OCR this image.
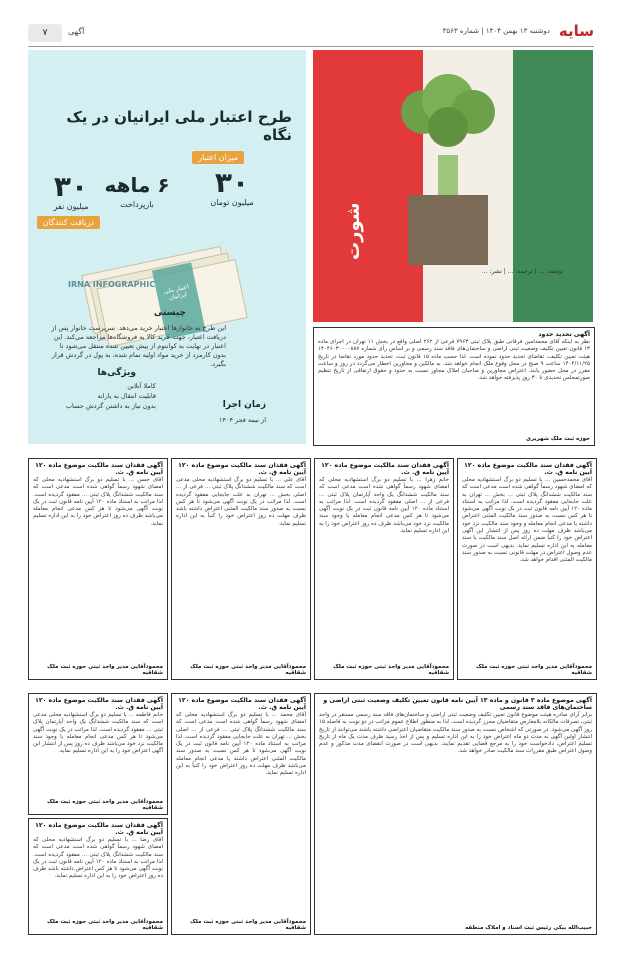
سایه
دوشنبه ۱۳ بهمن ۱۴۰۴ | شماره ۳۵۶۳
آگهی
۷
طرح اعتبار ملی ایرانیان در یک نگاه
میزان اعتبار
۳۰
میلیون تومان
۶ ماهه
بازپرداخت
۳۰
میلیون نفر
دریافت کنندگان
اعتبار ملی ایرانیان
IRNA INFOGRAPHIC
چیستی
این طرح به خانوارها اعتبار خرید می‌دهد. سرپرست خانوار پس از دریافت اعتبار، جهت خرید کالا به فروشگاه‌ها مراجعه می‌کند. این اعتبار در نهایت به کوانتوم از پیش تعیین شده منتقل می‌شود تا بدون کارمزد از خرید مواد اولیه تمام شده، به پول در گردش قرار بگیرد.
ویژگی‌ها
کاملا آنلاین
قابلیت انتقال به یارانه
بدون نیاز به داشتن گردش حساب	زمان اجرا
از نیمه فجر ۱۴۰۴
شورت
نوشته: ... | ترجمه: ... | نشر: ...
آگهی تحدید حدود
نظر به اینکه آقای محمدامین فرقانی طبق پلاک ثبتی ۷۹۶۳ فرعی از ۲۶۲ اصلی واقع در بخش ۱۱ تهران در اجرای ماده ۱۳ قانون تعیین تکلیف وضعیت ثبتی اراضی و ساختمان‌های فاقد سند رسمی و بر اساس رأی شماره ۱۴۰۴۶۰۳۰۰۰۰۸۸۷ هیئت تعیین تکلیف، تقاضای تحدید حدود نموده است. لذا حسب ماده ۱۵ قانون ثبت، تحدید حدود مورد تقاضا در تاریخ ۱۴۰۴/۱۱/۲۵ ساعت ۹ صبح در محل وقوع ملک انجام خواهد شد. به مالکین و مجاورین اخطار می‌گردد در روز و ساعت مقرر در محل حضور یابند. اعتراض مجاورین و صاحبان املاک مجاور نسبت به حدود و حقوق ارتفاقی از تاریخ تنظیم صورتمجلس تحدیدی تا ۳۰ روز پذیرفته خواهد شد.
حوزه ثبت ملک شهریری
آگهی فقدان سند مالکیت موضوع ماده ۱۲۰ آیین نامه ق. ث.
آقای محمدحسین ... با تسلیم دو برگ استشهادیه محلی که امضای شهود رسماً گواهی شده است مدعی است که سند مالکیت ششدانگ پلاک ثبتی ... بخش ... تهران به علت جابجایی مفقود گردیده است. لذا مراتب به استناد ماده ۱۲۰ آیین نامه قانون ثبت در یک نوبت آگهی می‌شود تا هر کس نسبت به صدور سند مالکیت المثنی اعتراض داشته یا مدعی انجام معامله و وجود سند مالکیت نزد خود می‌باشد ظرف مهلت ده روز پس از انتشار این آگهی اعتراض خود را کتباً ضمن ارائه اصل سند مالکیت یا سند معامله به این اداره تسلیم نماید. بدیهی است در صورت عدم وصول اعتراض در مهلت قانونی نسبت به صدور سند مالکیت المثنی اقدام خواهد شد.
محمودآقایی مدیر واحد ثبتی حوزه ثبت ملک شقاقیه
آگهی فقدان سند مالکیت موضوع ماده ۱۲۰ آیین نامه ق. ث.
خانم زهرا ... با تسلیم دو برگ استشهادیه محلی که امضای شهود رسماً گواهی شده است مدعی است که سند مالکیت ششدانگ یک واحد آپارتمان پلاک ثبتی ... فرعی از ... اصلی مفقود گردیده است. لذا مراتب به استناد ماده ۱۲۰ آیین نامه قانون ثبت در یک نوبت آگهی می‌شود تا هر کس مدعی انجام معامله یا وجود سند مالکیت نزد خود می‌باشد ظرف ده روز اعتراض خود را به این اداره تسلیم نماید.
محمودآقایی مدیر واحد ثبتی حوزه ثبت ملک شقاقیه
آگهی فقدان سند مالکیت موضوع ماده ۱۲۰ آیین نامه ق. ث.
آقای علی ... با تسلیم دو برگ استشهادیه محلی مدعی است که سند مالکیت ششدانگ پلاک ثبتی ... فرعی از ... اصلی بخش ... تهران به علت جابجایی مفقود گردیده است. لذا مراتب در یک نوبت آگهی می‌شود تا هر کس نسبت به صدور سند مالکیت المثنی اعتراض داشته باشد ظرف مهلت ده روز اعتراض خود را کتباً به این اداره تسلیم نماید.
محمودآقایی مدیر واحد ثبتی حوزه ثبت ملک شقاقیه
آگهی فقدان سند مالکیت موضوع ماده ۱۲۰ آیین نامه ق. ث.
آقای حسن ... با تسلیم دو برگ استشهادیه محلی که امضای شهود رسماً گواهی شده است مدعی است که سند مالکیت ششدانگ پلاک ثبتی ... مفقود گردیده است. لذا مراتب به استناد ماده ۱۲۰ آیین نامه قانون ثبت در یک نوبت آگهی می‌شود تا هر کس مدعی انجام معامله می‌باشد ظرف ده روز اعتراض خود را به این اداره تسلیم نماید.
محمودآقایی مدیر واحد ثبتی حوزه ثبت ملک شقاقیه
آگهی موضوع ماده ۳ قانون و ماده ۱۳ آیین نامه قانون تعیین تکلیف وضعیت ثبتی اراضی و ساختمان‌های فاقد سند رسمی
برابر آرای صادره هیئت موضوع قانون تعیین تکلیف وضعیت ثبتی اراضی و ساختمان‌های فاقد سند رسمی مستقر در واحد ثبتی، تصرفات مالکانه بلامعارض متقاضیان محرز گردیده است. لذا به منظور اطلاع عموم مراتب در دو نوبت به فاصله ۱۵ روز آگهی می‌شود. در صورتی که اشخاص نسبت به صدور سند مالکیت متقاضیان اعتراضی داشته باشند می‌توانند از تاریخ انتشار اولین آگهی به مدت دو ماه اعتراض خود را به این اداره تسلیم و پس از اخذ رسید ظرف مدت یک ماه از تاریخ تسلیم اعتراض، دادخواست خود را به مرجع قضایی تقدیم نمایند. بدیهی است در صورت انقضای مدت مذکور و عدم وصول اعتراض طبق مقررات سند مالکیت صادر خواهد شد.
حبیب‌الله بیکی رئیس ثبت اسناد و املاک منطقه
آگهی فقدان سند مالکیت موضوع ماده ۱۲۰ آیین نامه ق. ث.
آقای محمد ... با تسلیم دو برگ استشهادیه محلی که امضای شهود رسماً گواهی شده است مدعی است که سند مالکیت ششدانگ پلاک ثبتی ... فرعی از ... اصلی بخش ... تهران به علت جابجایی مفقود گردیده است. لذا مراتب به استناد ماده ۱۲۰ آیین نامه قانون ثبت در یک نوبت آگهی می‌شود تا هر کس نسبت به صدور سند مالکیت المثنی اعتراض داشته یا مدعی انجام معامله می‌باشد ظرف مهلت ده روز اعتراض خود را کتباً به این اداره تسلیم نماید.
محمودآقایی مدیر واحد ثبتی حوزه ثبت ملک شقاقیه
آگهی فقدان سند مالکیت موضوع ماده ۱۲۰ آیین نامه ق. ث.
خانم فاطمه ... با تسلیم دو برگ استشهادیه محلی مدعی است که سند مالکیت ششدانگ یک واحد آپارتمان پلاک ثبتی ... مفقود گردیده است. لذا مراتب در یک نوبت آگهی می‌شود تا هر کس مدعی انجام معامله یا وجود سند مالکیت نزد خود می‌باشد ظرف ده روز پس از انتشار این آگهی اعتراض خود را به این اداره تسلیم نماید.
محمودآقایی مدیر واحد ثبتی حوزه ثبت ملک شقاقیه
آگهی فقدان سند مالکیت موضوع ماده ۱۲۰ آیین نامه ق. ث.
آقای رضا ... با تسلیم دو برگ استشهادیه محلی که امضای شهود رسماً گواهی شده است مدعی است که سند مالکیت ششدانگ پلاک ثبتی ... مفقود گردیده است. لذا مراتب به استناد ماده ۱۲۰ آیین نامه قانون ثبت در یک نوبت آگهی می‌شود تا هر کس اعتراض داشته باشد ظرف ده روز اعتراض خود را به این اداره تسلیم نماید.
محمودآقایی مدیر واحد ثبتی حوزه ثبت ملک شقاقیه
